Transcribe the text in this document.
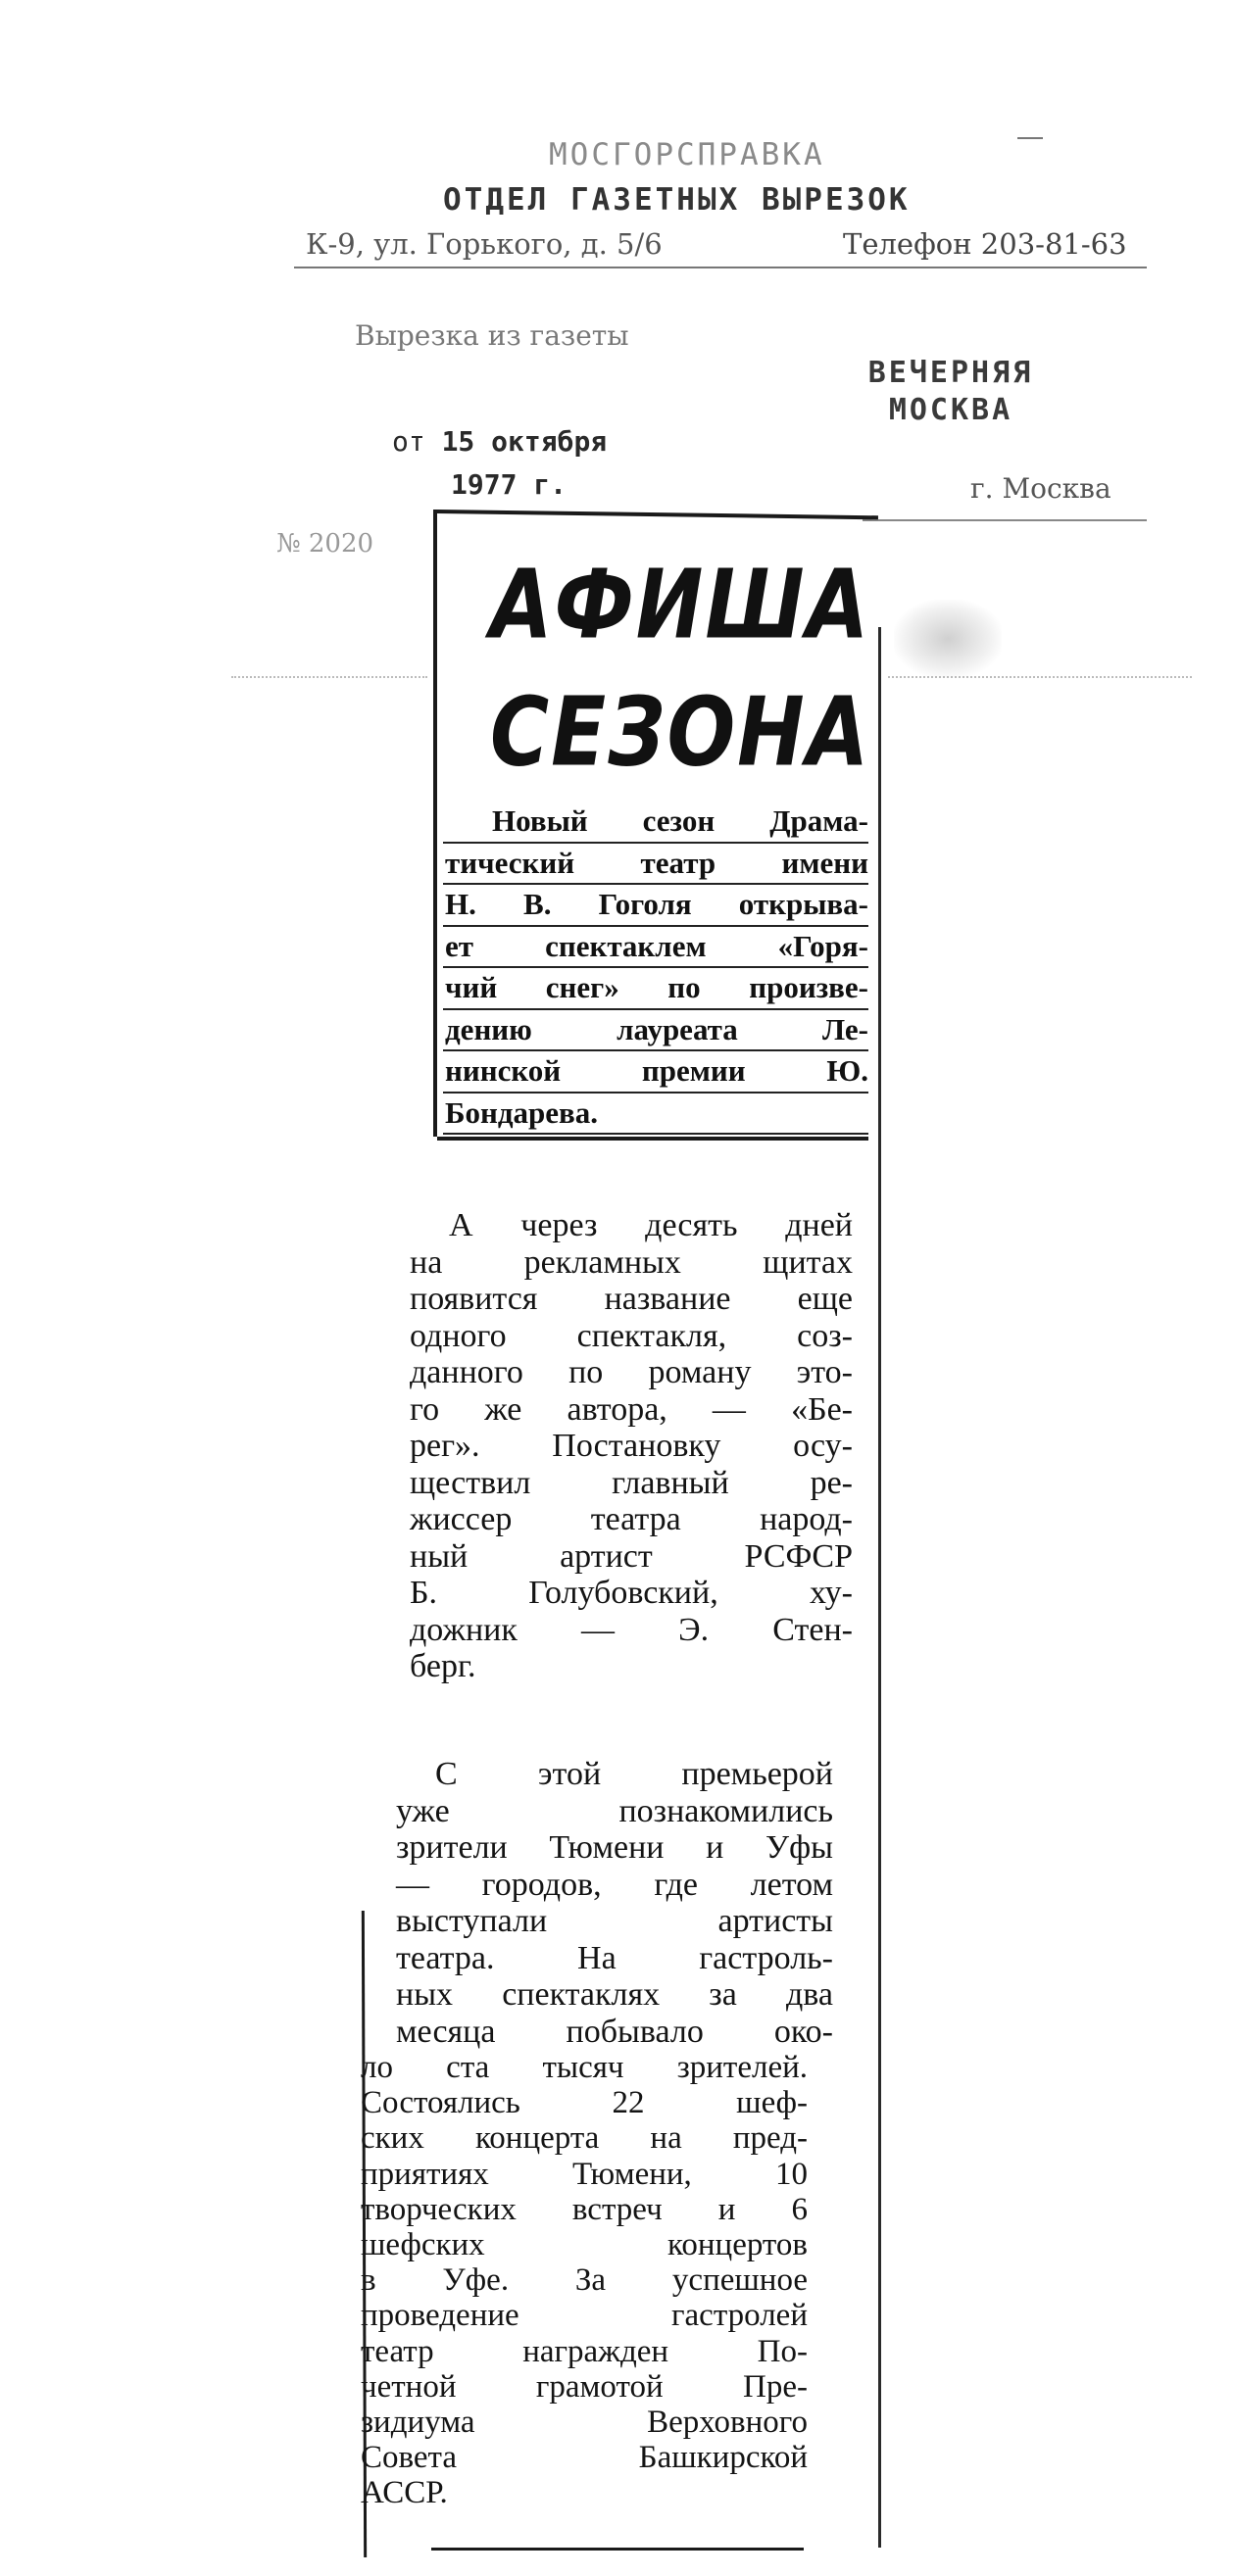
МОСГОРСПРАВКА
ОТДЕЛ ГАЗЕТНЫХ ВЫРЕЗОК
К-9, ул. Горького, д. 5/6	Телефон 203-81-63
Вырезка из газеты
ВЕЧЕРНЯЯ
МОСКВА
от 15 октября
1977 г.	г. Москва
№ 2020
АФИША
СЕЗОНА
Новый сезон Драма-
тический театр имени
Н. В. Гоголя открыва-
ет спектаклем «Горя-
чий снег» по произве-
дению лауреата Ле-
нинской премии Ю.
Бондарева.
А через десять дней
на рекламных щитах
появится название еще
одного спектакля, соз-
данного по роману это-
го же автора, — «Бе-
рег». Постановку осу-
ществил главный ре-
жиссер театра народ-
ный артист РСФСР
Б. Голубовский, ху-
дожник — Э. Стен-
берг.
С этой премьерой
уже познакомились
зрители Тюмени и Уфы
— городов, где летом
выступали артисты
театра. На гастроль-
ных спектаклях за два
месяца побывало око-
ло ста тысяч зрителей.
Состоялись 22 шеф-
ских концерта на пред-
приятиях Тюмени, 10
творческих встреч и 6
шефских концертов
в Уфе. За успешное
проведение гастролей
театр награжден По-
четной грамотой Пре-
зидиума Верховного
Совета Башкирской
АССР.
